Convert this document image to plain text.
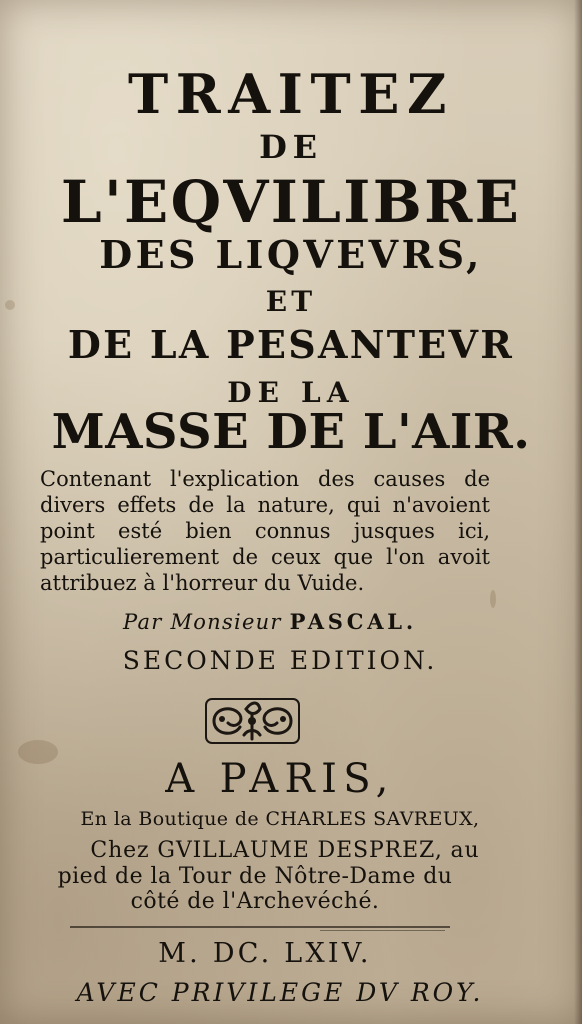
TRAITEZ
DE
L'EQVILIBRE
DES LIQVEVRS,
ET
DE LA PESANTEVR
DE LA
MASSE DE L'AIR.
Contenant l'explication des causes de divers effets de la nature, qui n'avoient point esté bien connus jusques ici, particulierement de ceux que l'on avoit attribuez à l'horreur du Vuide.
Par Monsieur PASCAL.
SECONDE EDITION.
A PARIS,
En la Boutique de CHARLES SAVREUX,
Chez GVILLAUME DESPREZ, au
pied de la Tour de Nôtre-Dame du
côté de l'Archevéché.
M. DC. LXIV.
AVEC PRIVILEGE DV ROY.
